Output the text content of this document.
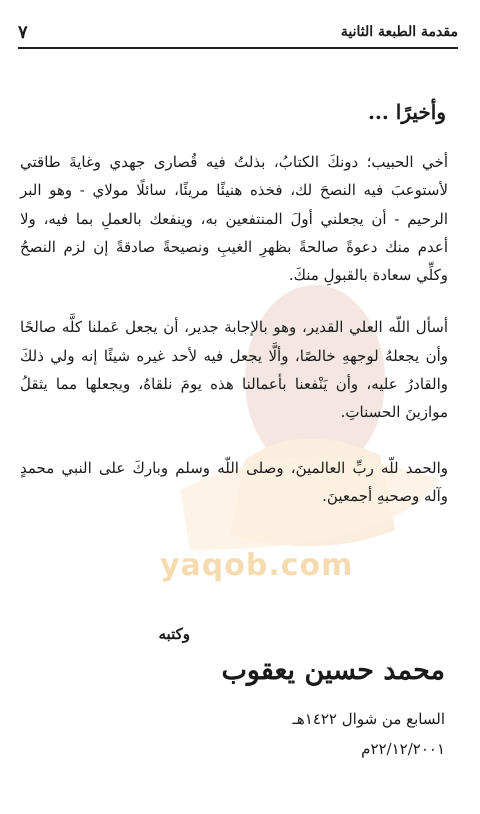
مقدمة الطبعة الثانية
٧
yaqob.com
وأخيرًا ...

أخي الحبيب؛ دونكَ الكتابُ، بذلتُ فيه قُصارى جهدي وغايةَ طاقتي لأستوعبَ فيه النصحَ لك، فخذه هنيئًا مريئًا، سائلًا مولاي - وهو البر الرحيم - أن يجعلني أولَ المنتفعين به، وينفعك بالعملِ بما فيه، ولا أعدم منك دعوةً صالحةً بظهرِ الغيبِ ونصيحةً صادقةً إن لزم النصحُ وكلِّي سعادة بالقبولِ منكَ.

أسأل اللّه العلي القدير، وهو بالإجابة جدير، أن يجعل عَملنا كلَّه صالحًا وأن يجعلهُ لوجههِ خالصًا، وألَّا يجعل فيه لأحد غيره شيئًا إنه ولي ذلكَ والقادرُ عليه، وأن يَنْفعنا بأعمالنا هذه يومَ نلقاهُ، ويجعلها مما يثقلُ موازينَ الحسناتِ.

والحمد للّه ربِّ العالمينَ، وصلى اللّه وسلم وباركَ على النبي محمدٍ وآله وصحبهِ أجمعينَ.

وكتبه
محمد حسين يعقوب
السابع من شوال ١٤٢٢هـ
٢٢/١٢/٢٠٠١م
